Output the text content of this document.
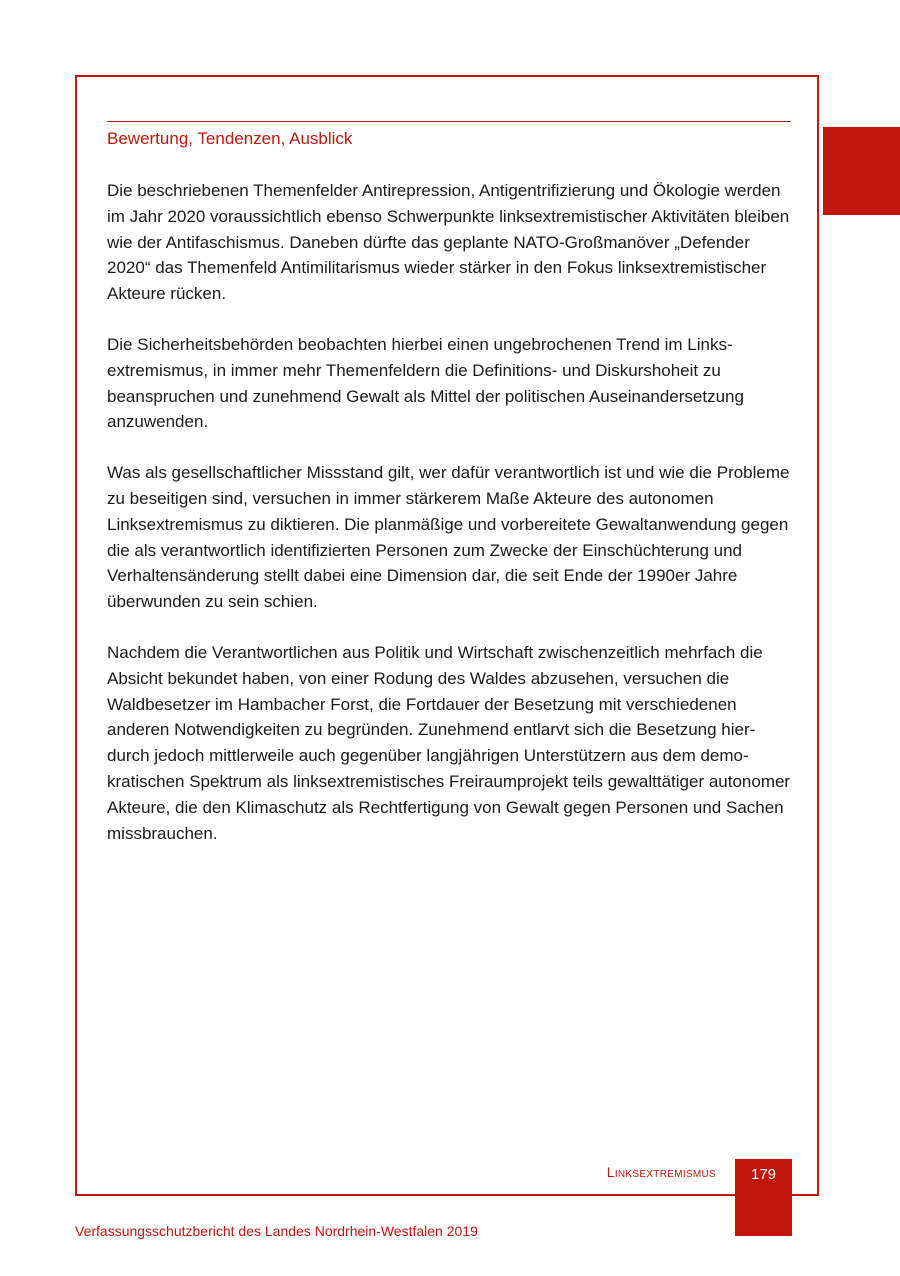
Bewertung, Tendenzen, Ausblick

Die beschriebenen Themenfelder Antirepression, Antigentrifizierung und Ökologie werden im Jahr 2020 voraussichtlich ebenso Schwerpunkte linksextremistischer Aktivitäten bleiben wie der Antifaschismus. Daneben dürfte das geplante NATO-Großmanöver „Defender 2020“ das Themenfeld Antimilitarismus wieder stärker in den Fokus linksextremistischer Akteure rücken.

Die Sicherheitsbehörden beobachten hierbei einen ungebrochenen Trend im Linksextremismus, in immer mehr Themenfeldern die Definitions- und Diskurshoheit zu beanspruchen und zunehmend Gewalt als Mittel der politischen Auseinandersetzung anzuwenden.

Was als gesellschaftlicher Missstand gilt, wer dafür verantwortlich ist und wie die Probleme zu beseitigen sind, versuchen in immer stärkerem Maße Akteure des autonomen Linksextremismus zu diktieren. Die planmäßige und vorbereitete Gewaltanwendung gegen die als verantwortlich identifizierten Personen zum Zwecke der Einschüchterung und Verhaltensänderung stellt dabei eine Dimension dar, die seit Ende der 1990er Jahre überwunden zu sein schien.

Nachdem die Verantwortlichen aus Politik und Wirtschaft zwischenzeitlich mehrfach die Absicht bekundet haben, von einer Rodung des Waldes abzusehen, versuchen die Waldbesetzer im Hambacher Forst, die Fortdauer der Besetzung mit verschiedenen anderen Notwendigkeiten zu begründen. Zunehmend entlarvt sich die Besetzung hierdurch jedoch mittlerweile auch gegenüber langjährigen Unterstützern aus dem demokratischen Spektrum als linksextremistisches Freiraumprojekt teils gewalttätiger autonomer Akteure, die den Klimaschutz als Rechtfertigung von Gewalt gegen Personen und Sachen missbrauchen.

Linksextremismus	179
Verfassungsschutzbericht des Landes Nordrhein-Westfalen 2019
